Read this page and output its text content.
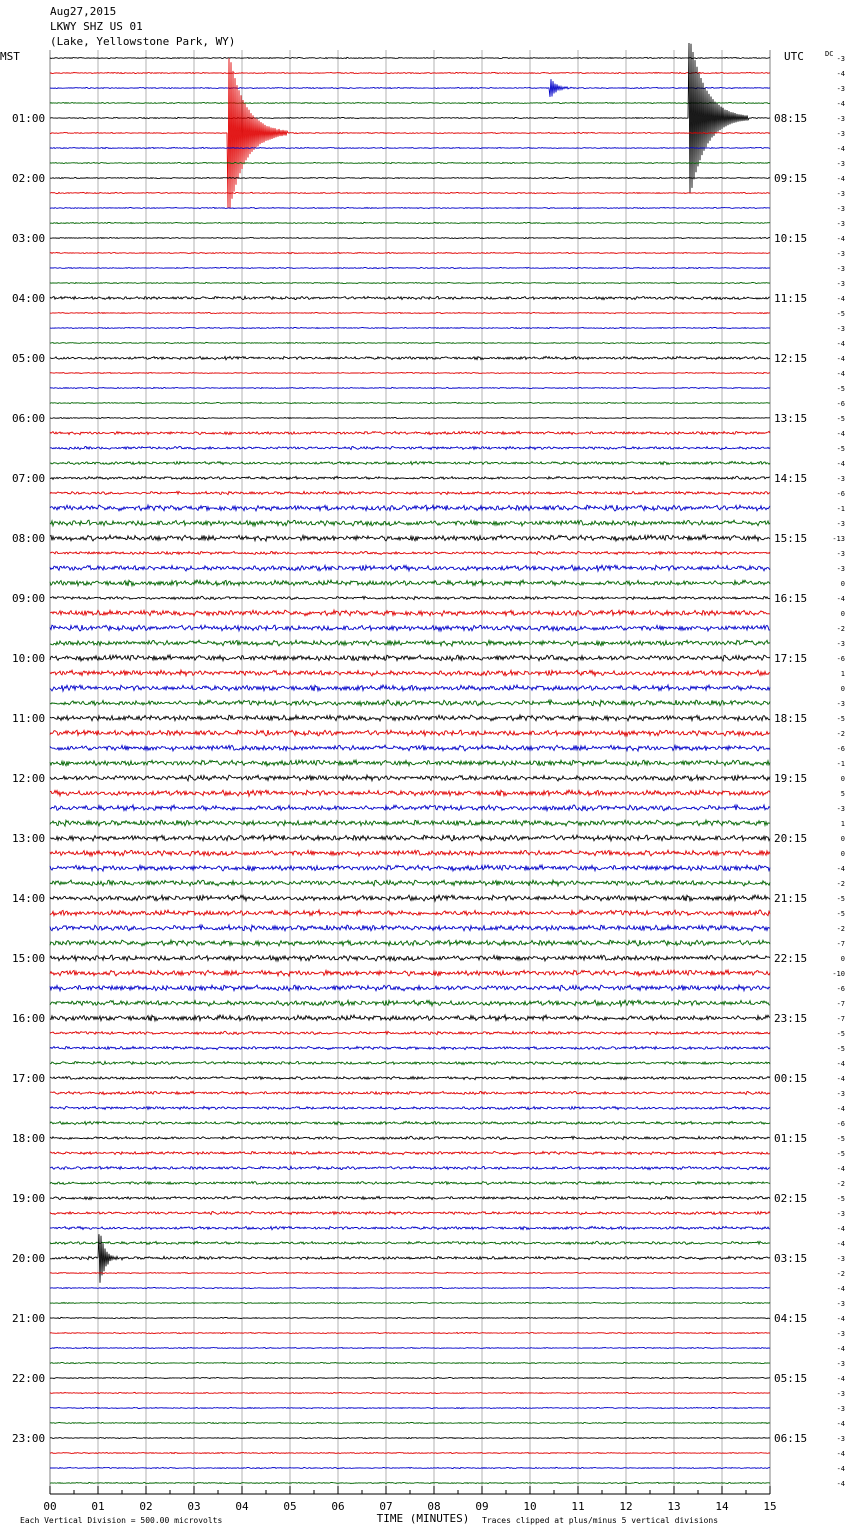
01:00
02:00
03:00
04:00
05:00
06:00
07:00
08:00
09:00
10:00
11:00
12:00
13:00
14:00
15:00
16:00
17:00
18:00
19:00
20:00
21:00
22:00
23:00
08:15
09:15
10:15
11:15
12:15
13:15
14:15
15:15
16:15
17:15
18:15
19:15
20:15
21:15
22:15
23:15
00:15
01:15
02:15
03:15
04:15
05:15
06:15
-3
-4
-3
-4
-3
-3
-4
-3
-4
-3
-3
-3
-4
-3
-3
-3
-4
-5
-3
-4
-4
-4
-5
-6
-5
-4
-5
-4
-3
-6
-1
-3
-13
-3
-3
0
-4
0
-2
-3
-6
1
0
-3
-5
-2
-6
-1
0
5
-3
1
0
0
-4
-2
-5
-5
-2
-7
0
-10
-6
-7
-7
-5
-5
-4
-4
-3
-4
-6
-5
-5
-4
-2
-5
-3
-4
-4
-3
-2
-4
-3
-4
-3
-4
-3
-4
-3
-3
-4
-3
-4
-4
-4
00	01	02	03	04	05	06	07	08	09	10	11	12	13	14	15
Aug27,2015
LKWY SHZ US 01
(Lake, Yellowstone Park, WY)
MST	UTC	DC
TIME (MINUTES)
Each Vertical Division = 500.00 microvolts	Traces clipped at plus/minus 5 vertical divisions
